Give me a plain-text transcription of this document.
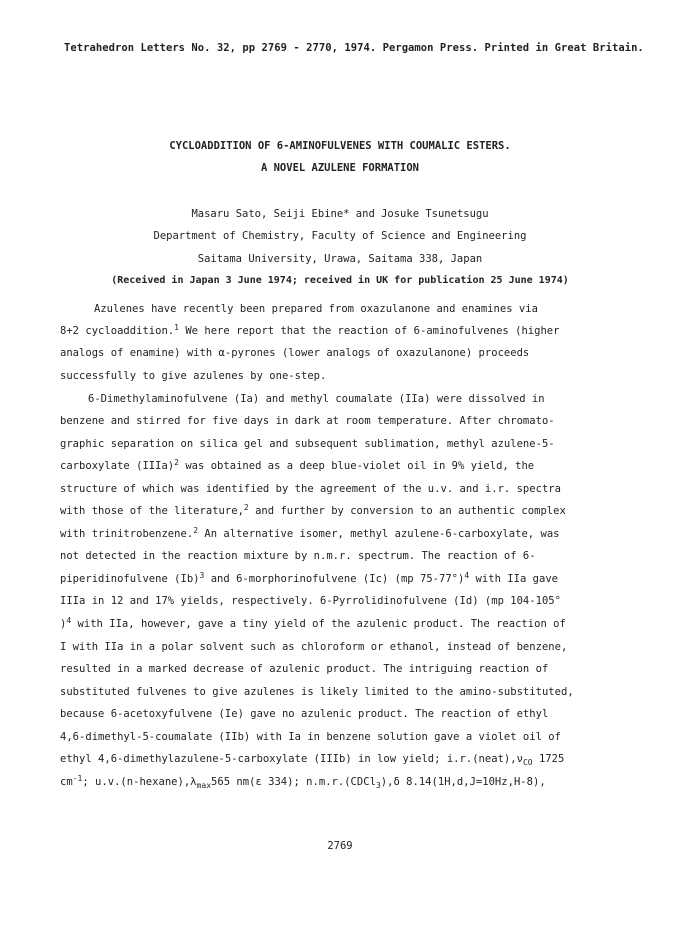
Tetrahedron Letters No. 32, pp 2769 - 2770, 1974. Pergamon Press. Printed in Great Britain.
CYCLOADDITION OF 6-AMINOFULVENES WITH COUMALIC ESTERS.
A NOVEL AZULENE FORMATION
Masaru Sato, Seiji Ebine* and Josuke Tsunetsugu
Department of Chemistry, Faculty of Science and Engineering
Saitama University, Urawa, Saitama 338, Japan
(Received in Japan 3 June 1974; received in UK for publication 25 June 1974)
Azulenes have recently been prepared from oxazulanone and enamines via
8+2 cycloaddition.$^1$ We here report that the reaction of 6-aminofulvenes (higher
analogs of enamine) with α-pyrones (lower analogs of oxazulanone) proceeds
successfully to give azulenes by one-step.
6-Dimethylaminofulvene (Ia) and methyl coumalate (IIa) were dissolved in
benzene and stirred for five days in dark at room temperature. After chromato-
graphic separation on silica gel and subsequent sublimation, methyl azulene-5-
carboxylate (IIIa)$^2$ was obtained as a deep blue-violet oil in 9% yield, the
structure of which was identified by the agreement of the u.v. and i.r. spectra
with those of the literature,$^2$ and further by conversion to an authentic complex
with trinitrobenzene.$^2$ An alternative isomer, methyl azulene-6-carboxylate, was
not detected in the reaction mixture by n.m.r. spectrum. The reaction of 6-
piperidinofulvene $(Ib)^3$ and 6-morphorinofulvene (Ic) (mp 75-77°)$^4$ with IIa gave
IIIa in 12 and 17% yields, respectively. 6-Pyrrolidinofulvene (Id) (mp 104-105°
)$^4$ with IIa, however, gave a tiny yield of the azulenic product. The reaction of
I with IIa in a polar solvent such as chloroform or ethanol, instead of benzene,
resulted in a marked decrease of azulenic product. The intriguing reaction of
substituted fulvenes to give azulenes is likely limited to the amino-substituted,
because 6-acetoxyfulvene (Ie) gave no azulenic product. The reaction of ethyl
4,6-dimethyl-5-coumalate (IIb) with Ia in benzene solution gave a violet oil of
ethyl 4,6-dimethylazulene-5-carboxylate (IIIb) in low yield; $i.r.(neat),\nu_{CO}$ 1725
$cm^{-1}$; $u.v.(n-hexane),\lambda_{max}565$ nm(ε 334); n.m.r.(CDCl$_3$),δ 8.14(1H,d,J=10Hz,H-8),
2769
